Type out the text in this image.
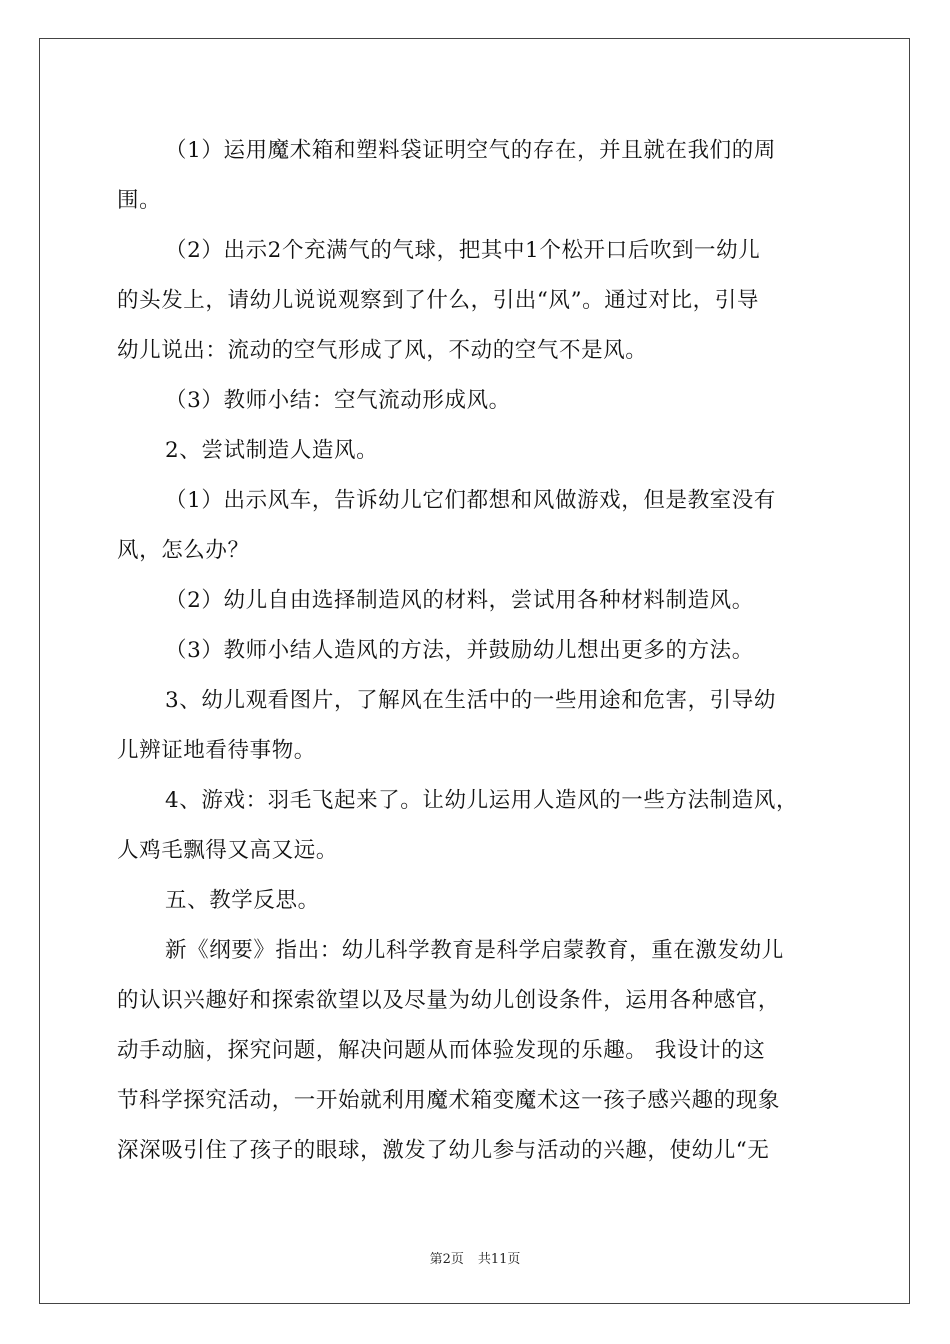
（1）运用魔术箱和塑料袋证明空气的存在，并且就在我们的周
围。
（2）出示2个充满气的气球，把其中1个松开口后吹到一幼儿
的头发上，请幼儿说说观察到了什么，引出“风”。通过对比，引导
幼儿说出：流动的空气形成了风，不动的空气不是风。
（3）教师小结：空气流动形成风。
2、尝试制造人造风。
（1）出示风车，告诉幼儿它们都想和风做游戏，但是教室没有
风，怎么办？
（2）幼儿自由选择制造风的材料，尝试用各种材料制造风。
（3）教师小结人造风的方法，并鼓励幼儿想出更多的方法。
3、幼儿观看图片，了解风在生活中的一些用途和危害，引导幼
儿辨证地看待事物。
4、游戏：羽毛飞起来了。让幼儿运用人造风的一些方法制造风，
人鸡毛飘得又高又远。
五、教学反思。
新《纲要》指出：幼儿科学教育是科学启蒙教育，重在激发幼儿
的认识兴趣好和探索欲望以及尽量为幼儿创设条件，运用各种感官，
动手动脑，探究问题，解决问题从而体验发现的乐趣。 我设计的这
节科学探究活动，一开始就利用魔术箱变魔术这一孩子感兴趣的现象
深深吸引住了孩子的眼球，激发了幼儿参与活动的兴趣，使幼儿“无
第2页 共11页
